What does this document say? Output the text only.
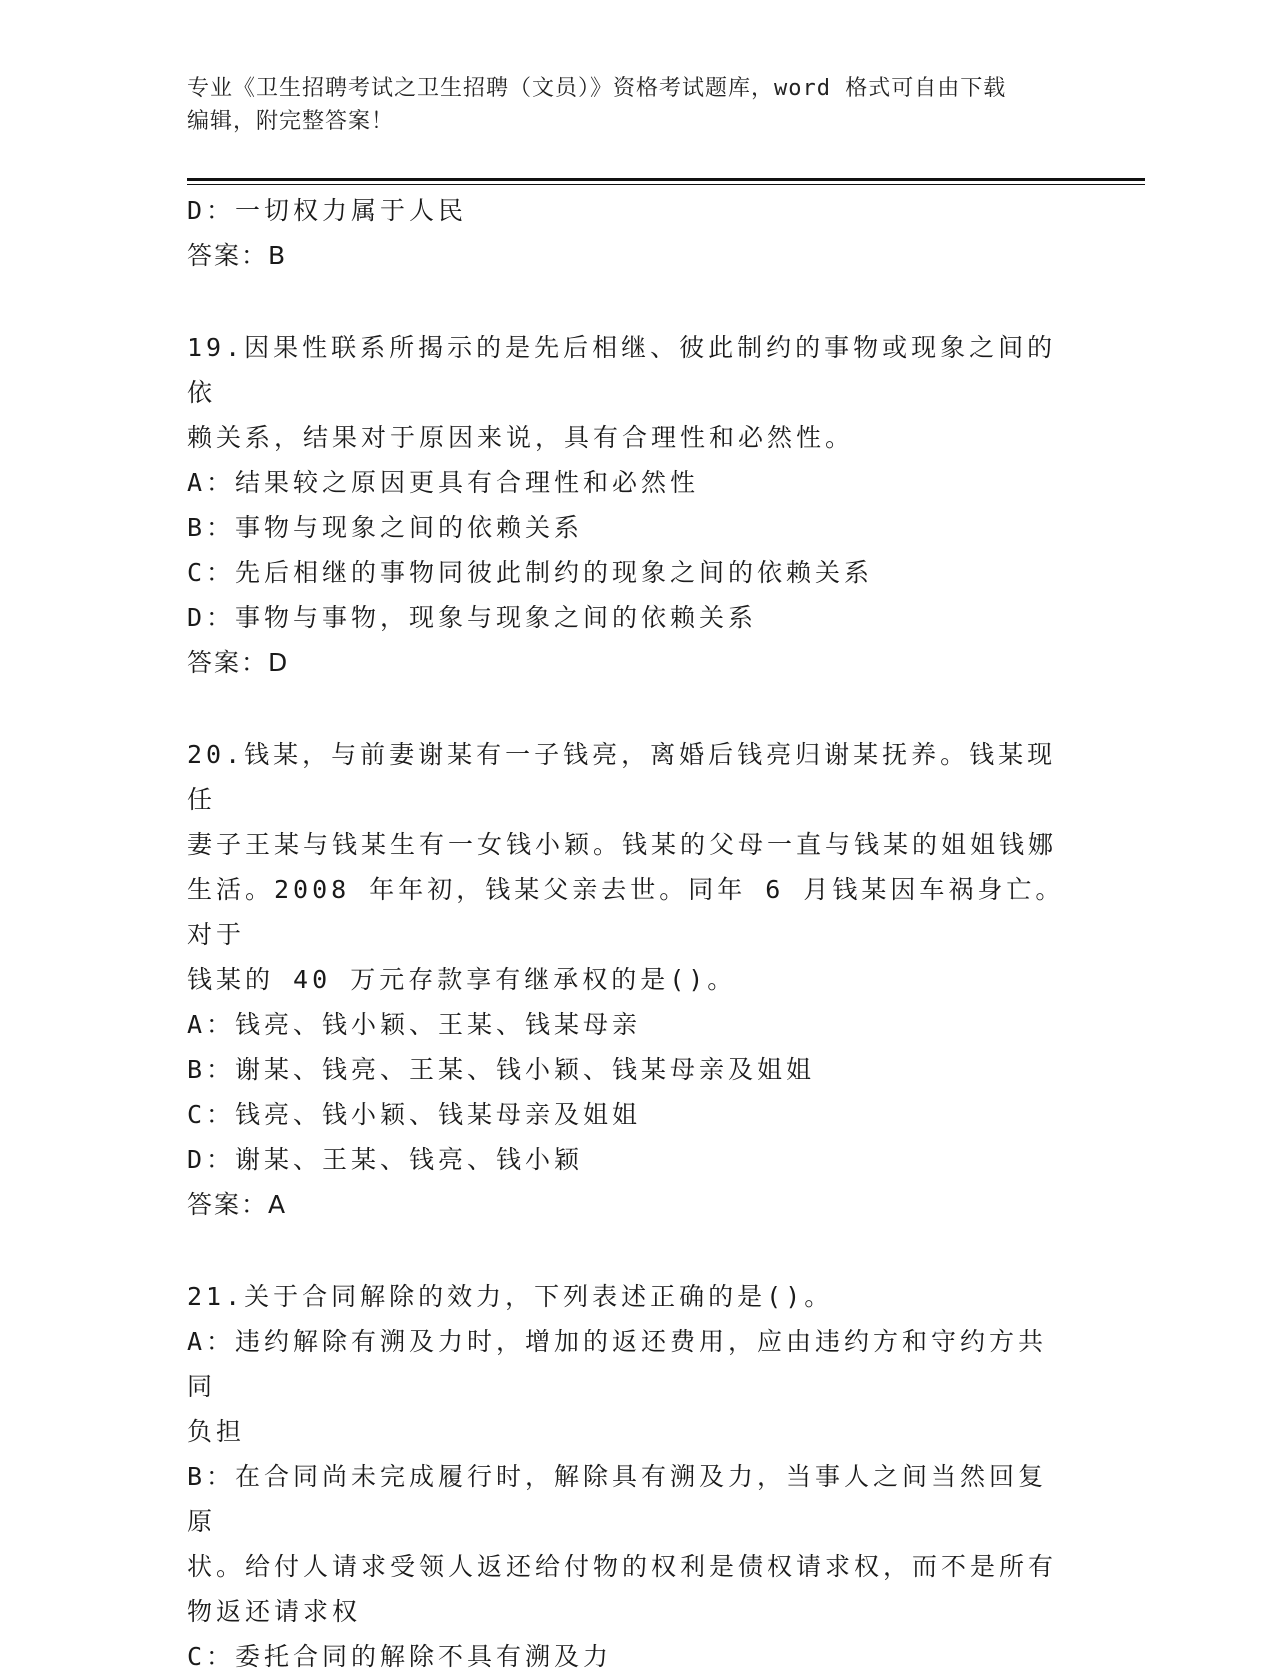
专业《卫生招聘考试之卫生招聘（文员）》资格考试题库，word 格式可自由下载
编辑，附完整答案！
D：一切权力属于人民
答案：B
19.因果性联系所揭示的是先后相继、彼此制约的事物或现象之间的依
赖关系，结果对于原因来说，具有合理性和必然性。
A：结果较之原因更具有合理性和必然性
B：事物与现象之间的依赖关系
C：先后相继的事物同彼此制约的现象之间的依赖关系
D：事物与事物，现象与现象之间的依赖关系
答案：D
20.钱某，与前妻谢某有一子钱亮，离婚后钱亮归谢某抚养。钱某现任
妻子王某与钱某生有一女钱小颖。钱某的父母一直与钱某的姐姐钱娜
生活。2008 年年初，钱某父亲去世。同年 6 月钱某因车祸身亡。对于
钱某的 40 万元存款享有继承权的是()。
A：钱亮、钱小颖、王某、钱某母亲
B：谢某、钱亮、王某、钱小颖、钱某母亲及姐姐
C：钱亮、钱小颖、钱某母亲及姐姐
D：谢某、王某、钱亮、钱小颖
答案：A
21.关于合同解除的效力，下列表述正确的是()。
A：违约解除有溯及力时，增加的返还费用，应由违约方和守约方共同
负担
B：在合同尚未完成履行时，解除具有溯及力，当事人之间当然回复原
状。给付人请求受领人返还给付物的权利是债权请求权，而不是所有
物返还请求权
C：委托合同的解除不具有溯及力
